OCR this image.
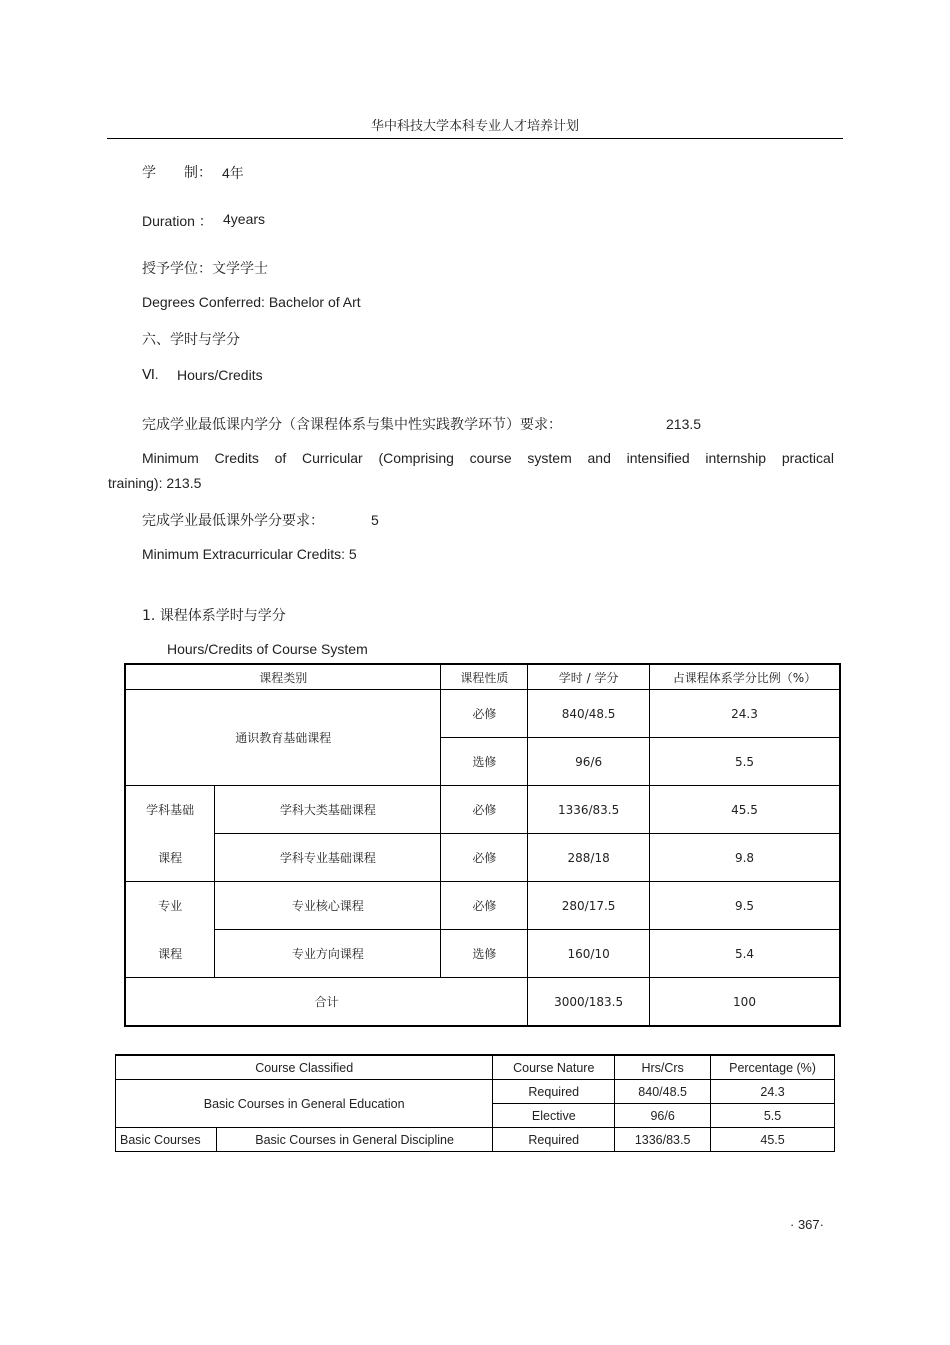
华中科技大学本科专业人才培养计划
学　　制： 4年
Duration ： 4years
授予学位：文学学士
Degrees Conferred: Bachelor of Art
六、学时与学分
Ⅵ. Hours/Credits
完成学业最低课内学分（含课程体系与集中性实践教学环节）要求：	213.5
Minimum Credits of Curricular (Comprising course system and intensified internship practical
training): 213.5
完成学业最低课外学分要求：	5
Minimum Extracurricular Credits: 5
1. 课程体系学时与学分
Hours/Credits of Course System
课程类别		课程性质	学时 / 学分	占课程体系学分比例（%）
通识教育基础课程		必修	840/48.5	24.3
		选修	96/6	5.5
学科基础	学科大类基础课程	必修	1336/83.5	45.5
课程	学科专业基础课程	必修	288/18	9.8
专业	专业核心课程	必修	280/17.5	9.5
课程	专业方向课程	选修	160/10	5.4
合计			3000/183.5	100
Course Classified		Course Nature	Hrs/Crs	Percentage (%)
Basic Courses in General Education		Required	840/48.5	24.3
		Elective	96/6	5.5
Basic Courses	Basic Courses in General Discipline	Required	1336/83.5	45.5
· 367·
